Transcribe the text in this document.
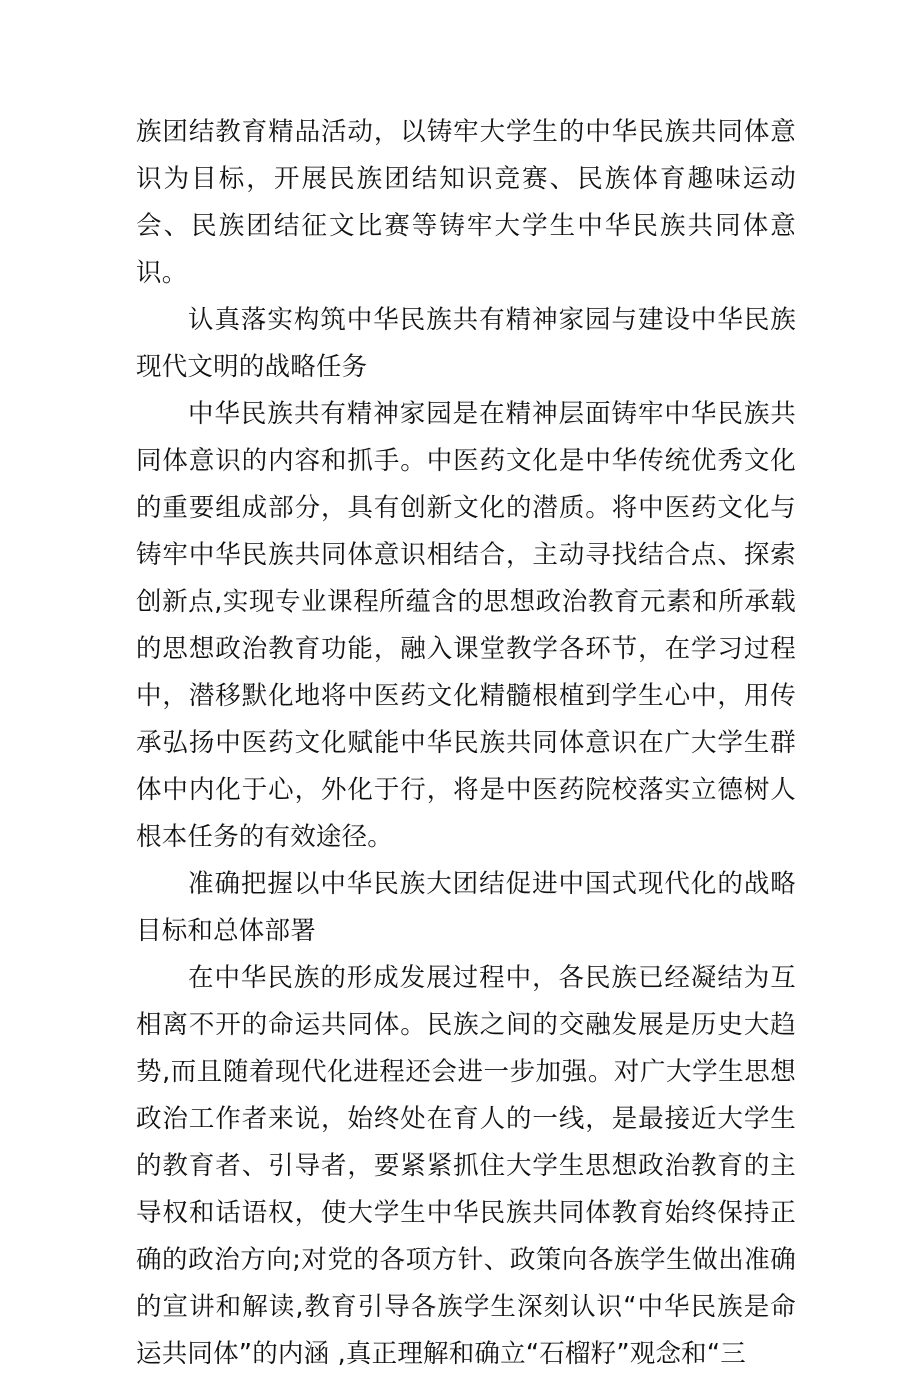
族团结教育精品活动，以铸牢大学生的中华民族共同体意识为目标，开展民族团结知识竞赛、民族体育趣味运动会、民族团结征文比赛等铸牢大学生中华民族共同体意识。

认真落实构筑中华民族共有精神家园与建设中华民族现代文明的战略任务

中华民族共有精神家园是在精神层面铸牢中华民族共同体意识的内容和抓手。中医药文化是中华传统优秀文化的重要组成部分，具有创新文化的潜质。将中医药文化与铸牢中华民族共同体意识相结合，主动寻找结合点、探索创新点,实现专业课程所蕴含的思想政治教育元素和所承载的思想政治教育功能，融入课堂教学各环节，在学习过程中，潜移默化地将中医药文化精髓根植到学生心中，用传承弘扬中医药文化赋能中华民族共同体意识在广大学生群体中内化于心，外化于行，将是中医药院校落实立德树人根本任务的有效途径。

准确把握以中华民族大团结促进中国式现代化的战略目标和总体部署

在中华民族的形成发展过程中，各民族已经凝结为互相离不开的命运共同体。民族之间的交融发展是历史大趋势,而且随着现代化进程还会进一步加强。对广大学生思想政治工作者来说，始终处在育人的一线，是最接近大学生的教育者、引导者，要紧紧抓住大学生思想政治教育的主导权和话语权，使大学生中华民族共同体教育始终保持正确的政治方向;对党的各项方针、政策向各族学生做出准确的宣讲和解读,教育引导各族学生深刻认识“中华民族是命运共同体”的内涵 ,真正理解和确立“石榴籽”观念和“三
